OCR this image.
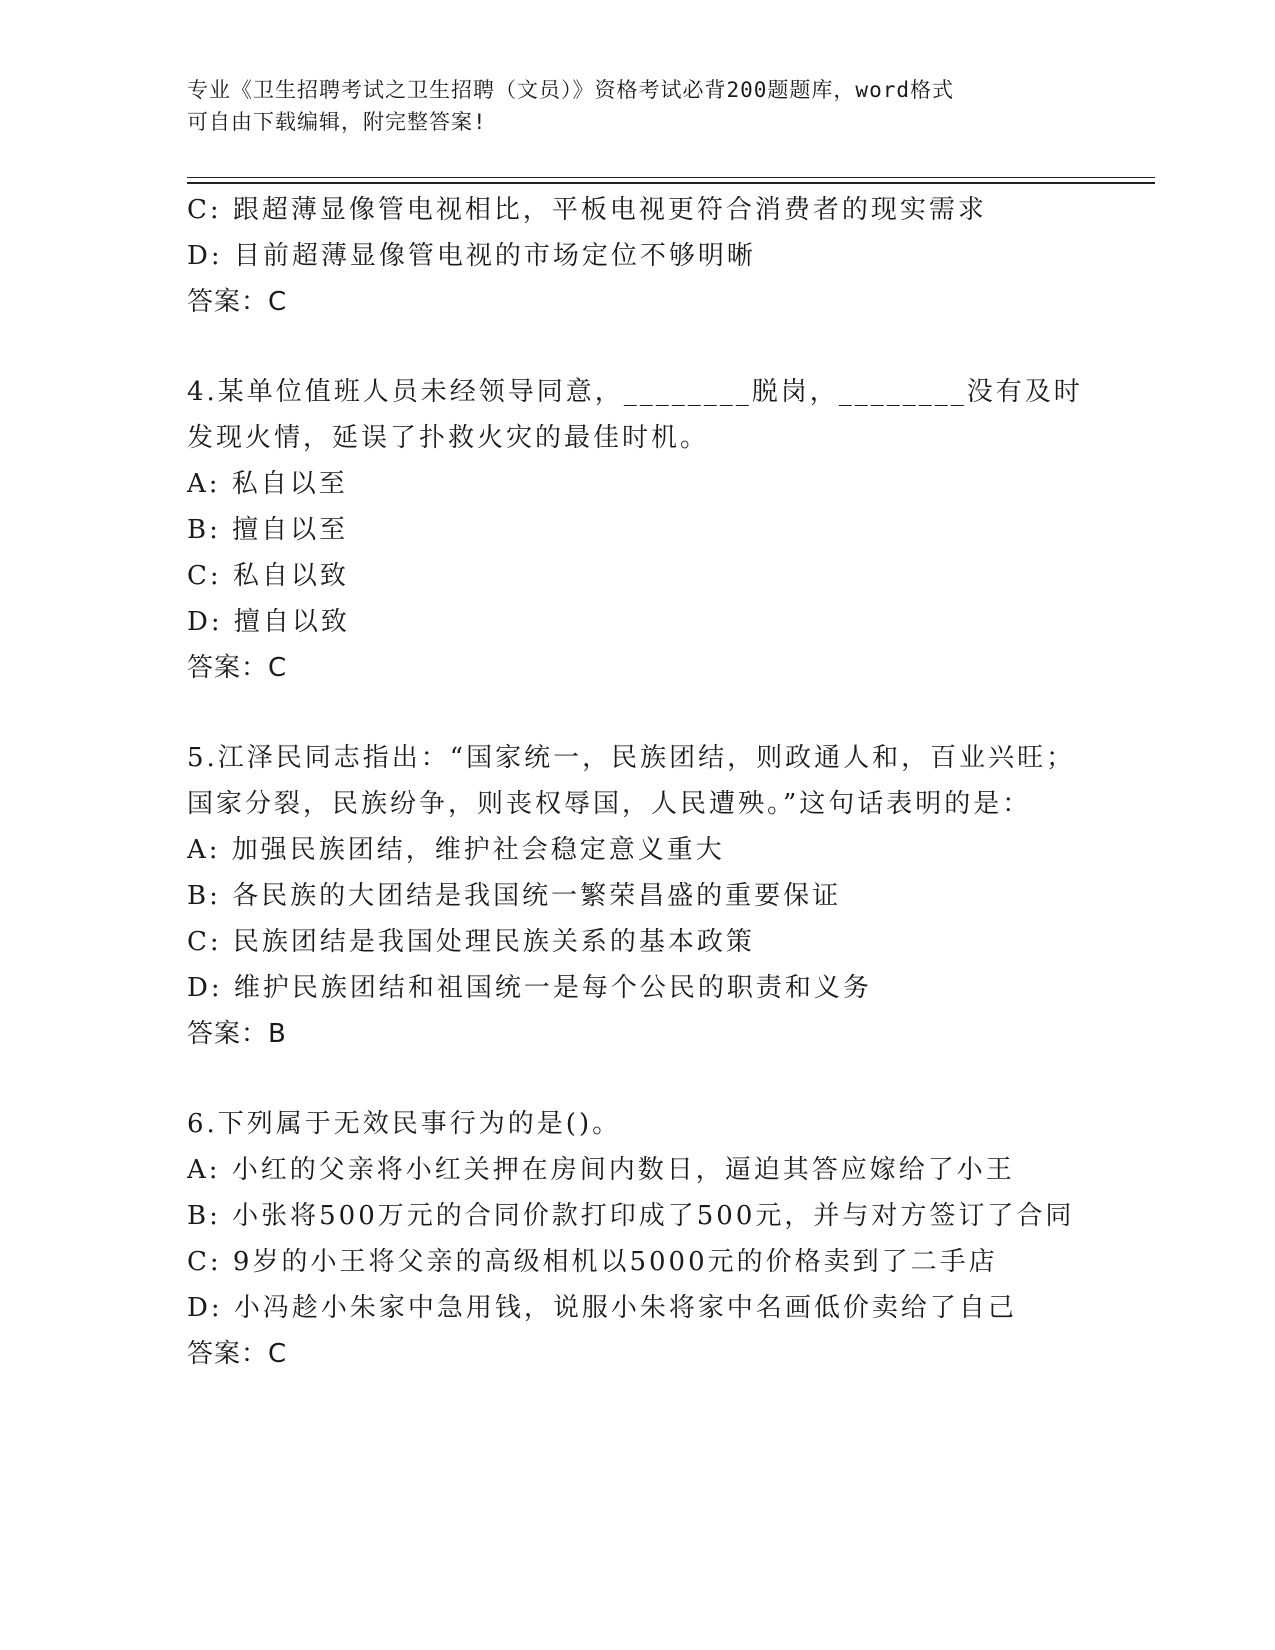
专业《卫生招聘考试之卫生招聘（文员）》资格考试必背200题题库，word格式
可自由下载编辑，附完整答案!
C: 跟超薄显像管电视相比，平板电视更符合消费者的现实需求
D: 目前超薄显像管电视的市场定位不够明晰
答案：C
4.某单位值班人员未经领导同意，________脱岗，________没有及时
发现火情，延误了扑救火灾的最佳时机。
A: 私自以至
B: 擅自以至
C: 私自以致
D: 擅自以致
答案：C
5.江泽民同志指出：“国家统一，民族团结，则政通人和，百业兴旺；
国家分裂，民族纷争，则丧权辱国，人民遭殃。”这句话表明的是：
A: 加强民族团结，维护社会稳定意义重大
B: 各民族的大团结是我国统一繁荣昌盛的重要保证
C: 民族团结是我国处理民族关系的基本政策
D: 维护民族团结和祖国统一是每个公民的职责和义务
答案：B
6.下列属于无效民事行为的是()。
A: 小红的父亲将小红关押在房间内数日，逼迫其答应嫁给了小王
B: 小张将500万元的合同价款打印成了500元，并与对方签订了合同
C: 9岁的小王将父亲的高级相机以5000元的价格卖到了二手店
D: 小冯趁小朱家中急用钱，说服小朱将家中名画低价卖给了自己
答案：C
